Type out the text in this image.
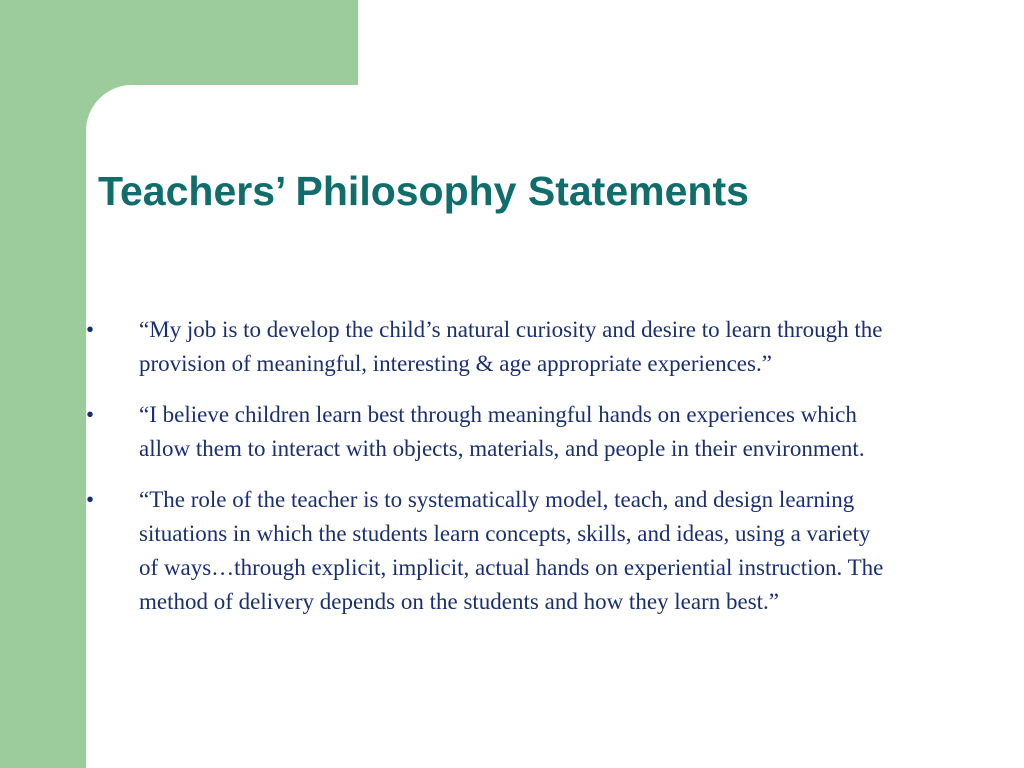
Teachers’ Philosophy Statements
•	“My job is to develop the child’s natural curiosity and desire to learn through the provision of meaningful, interesting & age appropriate experiences.”
•	“I believe children learn best through meaningful hands on experiences which allow them to interact with objects, materials, and people in their environment.
•	“The role of the teacher is to systematically model, teach, and design learning situations in which the students learn concepts, skills, and ideas, using a variety of ways…through explicit, implicit, actual hands on experiential instruction. The method of delivery depends on the students and how they learn best.”
